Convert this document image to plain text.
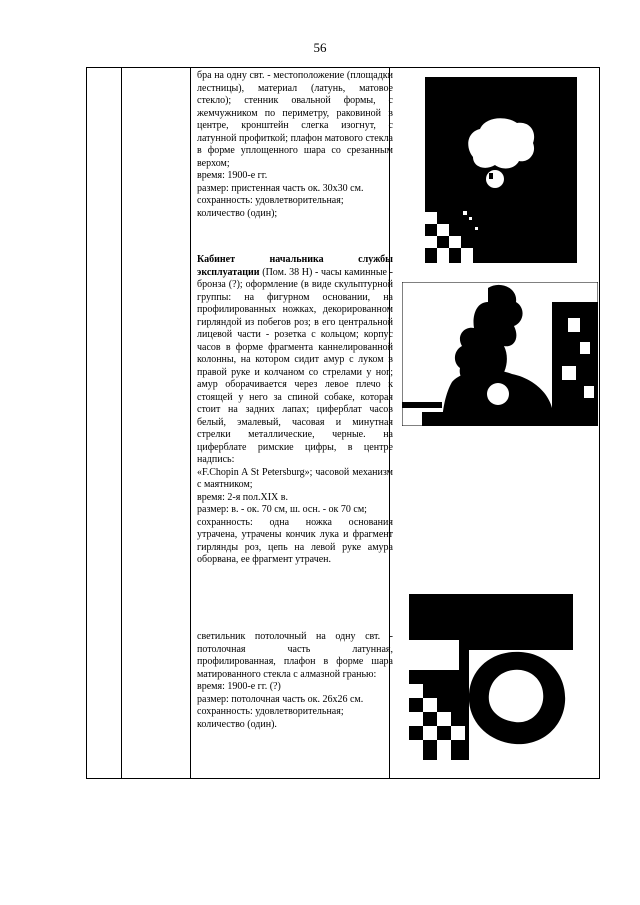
56

бра на одну свт. - местоположение (площадки лестницы), материал (латунь, матовое стекло); стенник овальной формы, с жемчужником по периметру, раковиной в центре, кронштейн слегка изогнут, с латунной профиткой; плафон матового стекла в форме уплощенного шара со срезанным верхом;

время: 1900-е гг.

размер: пристенная часть ок. 30х30 см.

сохранность: удовлетворительная;

количество (один);

Кабинет начальника службы эксплуатации (Пом. 38 Н) - часы каминные - бронза (?); оформление (в виде скульптурной группы: на фигурном основании, на профилированных ножках, декорированном гирляндой из побегов роз; в его центральной лицевой части - розетка с кольцом; корпус часов в форме фрагмента каннелированной колонны, на котором сидит амур с луком в правой руке и колчаном со стрелами у ног; амур оборачивается через левое плечо к стоящей у него за спиной собаке, которая стоит на задних лапах; циферблат часов белый, эмалевый, часовая и минутная стрелки металлические, черные. на циферблате римские цифры, в центре надпись:

«F.Chopin A St Petersburg»; часовой механизм с маятником;

время: 2-я пол.XIX в.

размер: в. - ок. 70 см, ш. осн. - ок 70 см;

сохранность: одна ножка основания утрачена, утрачены кончик лука и фрагмент гирлянды роз, цепь на левой руке амура оборвана, ее фрагмент утрачен.

светильник потолочный на одну свт. - потолочная часть латунная, профилированная, плафон в форме шара матированного стекла с алмазной гранью:

время: 1900-е гг. (?)

размер: потолочная часть ок. 26х26 см.

сохранность: удовлетворительная;

количество (один).
